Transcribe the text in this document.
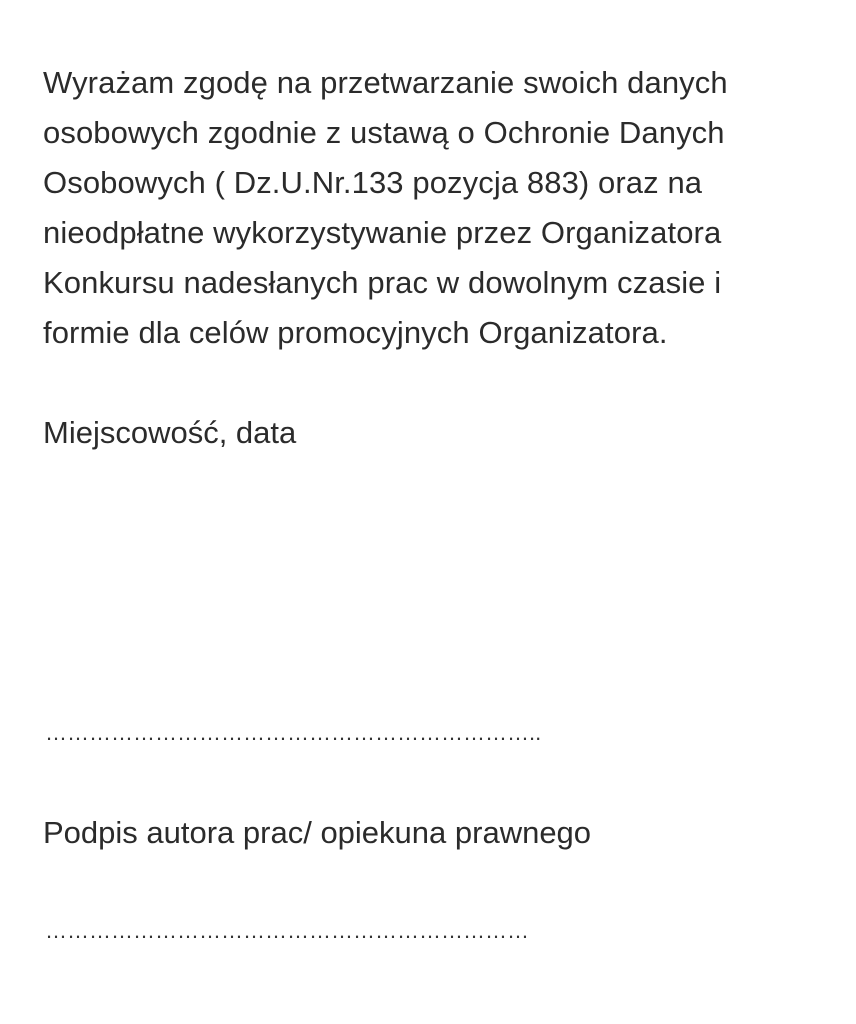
Wyrażam zgodę na przetwarzanie swoich danych
osobowych zgodnie z ustawą o Ochronie Danych
Osobowych ( Dz.U.Nr.133 pozycja 883) oraz na
nieodpłatne wykorzystywanie przez Organizatora
Konkursu nadesłanych prac w dowolnym czasie i
formie dla celów promocyjnych Organizatora.

Miejscowość, data

…………………………………………………………..

Podpis autora prac/ opiekuna prawnego

…………………………………………………………
